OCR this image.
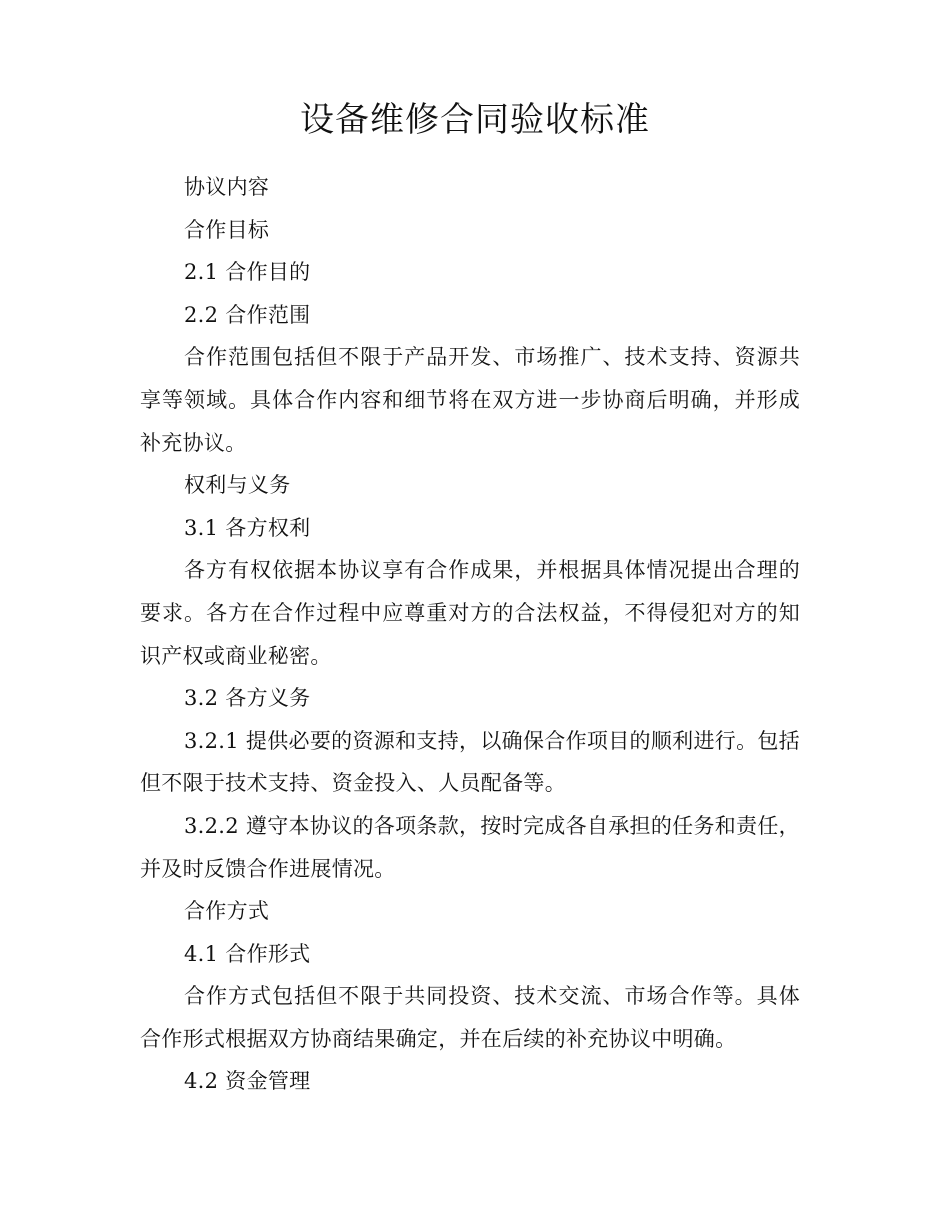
设备维修合同验收标准

协议内容

合作目标

2.1 合作目的

2.2 合作范围

合作范围包括但不限于产品开发、市场推广、技术支持、资源共享等领域。具体合作内容和细节将在双方进一步协商后明确，并形成补充协议。

权利与义务

3.1 各方权利

各方有权依据本协议享有合作成果，并根据具体情况提出合理的要求。各方在合作过程中应尊重对方的合法权益，不得侵犯对方的知识产权或商业秘密。

3.2 各方义务

3.2.1 提供必要的资源和支持，以确保合作项目的顺利进行。包括但不限于技术支持、资金投入、人员配备等。

3.2.2 遵守本协议的各项条款，按时完成各自承担的任务和责任，并及时反馈合作进展情况。

合作方式

4.1 合作形式

合作方式包括但不限于共同投资、技术交流、市场合作等。具体合作形式根据双方协商结果确定，并在后续的补充协议中明确。

4.2 资金管理
